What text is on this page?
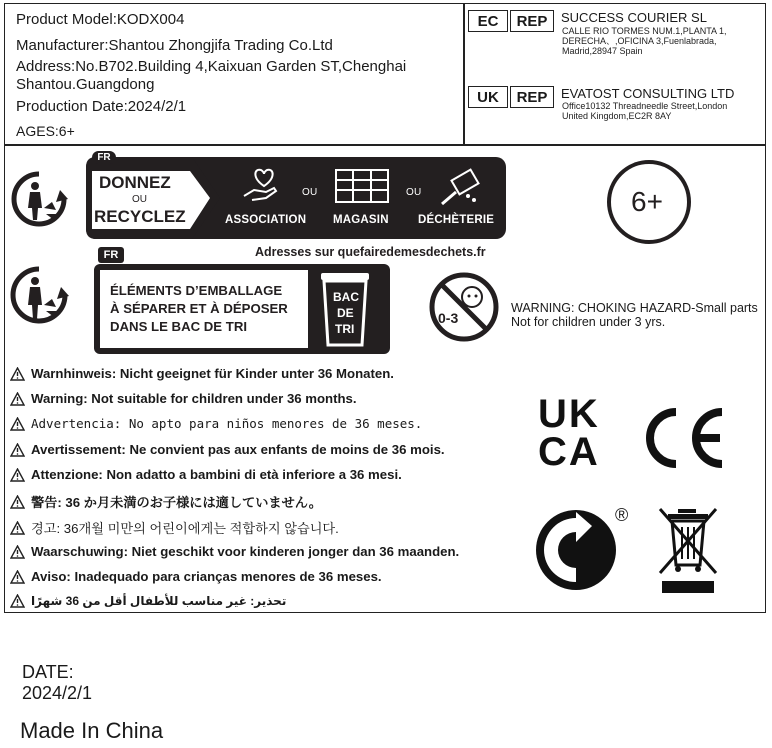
Product Model:KODX004
Manufacturer:Shantou Zhongjifa Trading Co.Ltd
Address:No.B702.Building 4,Kaixuan Garden ST,Chenghai
Shantou.Guangdong
Production Date:2024/2/1
AGES:6+
EC	REP	SUCCESS COURIER SL
CALLE RIO TORMES NUM.1,PLANTA 1,
DERECHA、,OFICINA 3,Fuenlabrada,
Madrid,28947 Spain
UK	REP	EVATOST CONSULTING LTD
Office10132 Threadneedle Street,London
United Kingdom,EC2R 8AY
FR
DONNEZ
OU
RECYCLEZ	ASSOCIATION
OU
MAGASIN
OU
DÉCHÈTERIE
Adresses sur quefairedemesdechets.fr
6+
FR
ÉLÉMENTS D’EMBALLAGE
À SÉPARER ET À DÉPOSER
DANS LE BAC DE TRI
BAC
DE
TRI
0-3
WARNING: CHOKING HAZARD-Small parts
Not for children under 3 yrs.
Warnhinweis: Nicht geeignet für Kinder unter 36 Monaten.
Warning: Not suitable for children under 36 months.
Advertencia: No apto para niños menores de 36 meses.
Avertissement: Ne convient pas aux enfants de moins de 36 mois.
Attenzione: Non adatto a bambini di età inferiore a 36 mesi.
警告: 36 か月未満のお子様には適していません。
경고: 36개월 미만의 어린이에게는 적합하지 않습니다.
Waarschuwing: Niet geschikt voor kinderen jonger dan 36 maanden.
Aviso: Inadequado para crianças menores de 36 meses.
تحذير: غير مناسب للأطفال أقل من 36 شهرًا
UK
CA
®
DATE:
2024/2/1
Made In China
